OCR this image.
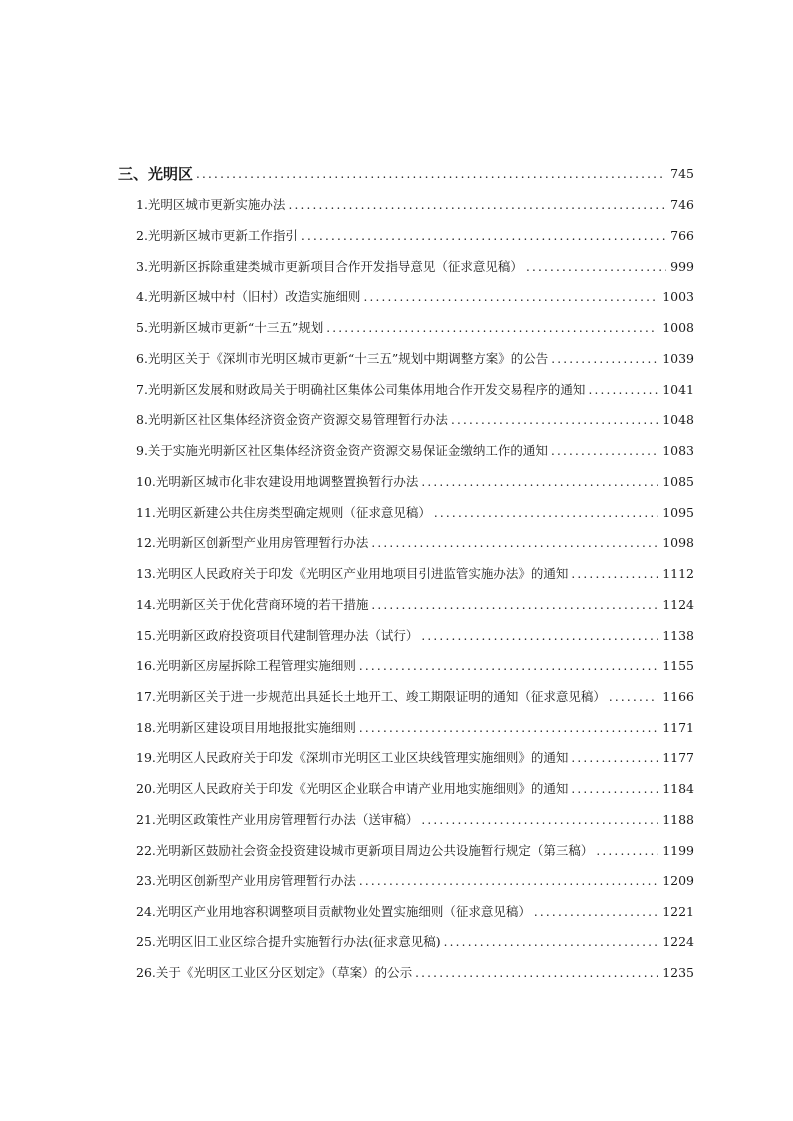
三、光明区 .....	745
1.光明区城市更新实施办法 .....	746
2.光明新区城市更新工作指引 .....	766
3.光明新区拆除重建类城市更新项目合作开发指导意见（征求意见稿） .....	999
4.光明新区城中村（旧村）改造实施细则 .....	1003
5.光明新区城市更新“十三五”规划 .....	1008
6.光明区关于《深圳市光明区城市更新“十三五”规划中期调整方案》的公告 .....	1039
7.光明新区发展和财政局关于明确社区集体公司集体用地合作开发交易程序的通知 .....	1041
8.光明新区社区集体经济资金资产资源交易管理暂行办法 .....	1048
9.关于实施光明新区社区集体经济资金资产资源交易保证金缴纳工作的通知 .....	1083
10.光明新区城市化非农建设用地调整置换暂行办法 .....	1085
11.光明区新建公共住房类型确定规则（征求意见稿） .....	1095
12.光明新区创新型产业用房管理暂行办法 .....	1098
13.光明区人民政府关于印发《光明区产业用地项目引进监管实施办法》的通知 .....	1112
14.光明新区关于优化营商环境的若干措施 .....	1124
15.光明新区政府投资项目代建制管理办法（试行） .....	1138
16.光明新区房屋拆除工程管理实施细则 .....	1155
17.光明新区关于进一步规范出具延长土地开工、竣工期限证明的通知（征求意见稿） .....	1166
18.光明新区建设项目用地报批实施细则 .....	1171
19.光明区人民政府关于印发《深圳市光明区工业区块线管理实施细则》的通知 .....	1177
20.光明区人民政府关于印发《光明区企业联合申请产业用地实施细则》的通知 .....	1184
21.光明区政策性产业用房管理暂行办法（送审稿） .....	1188
22.光明新区鼓励社会资金投资建设城市更新项目周边公共设施暂行规定（第三稿） .....	1199
23.光明区创新型产业用房管理暂行办法 .....	1209
24.光明区产业用地容积调整项目贡献物业处置实施细则（征求意见稿） .....	1221
25.光明区旧工业区综合提升实施暂行办法(征求意见稿) .....	1224
26.关于《光明区工业区分区划定》（草案）的公示 .....	1235
